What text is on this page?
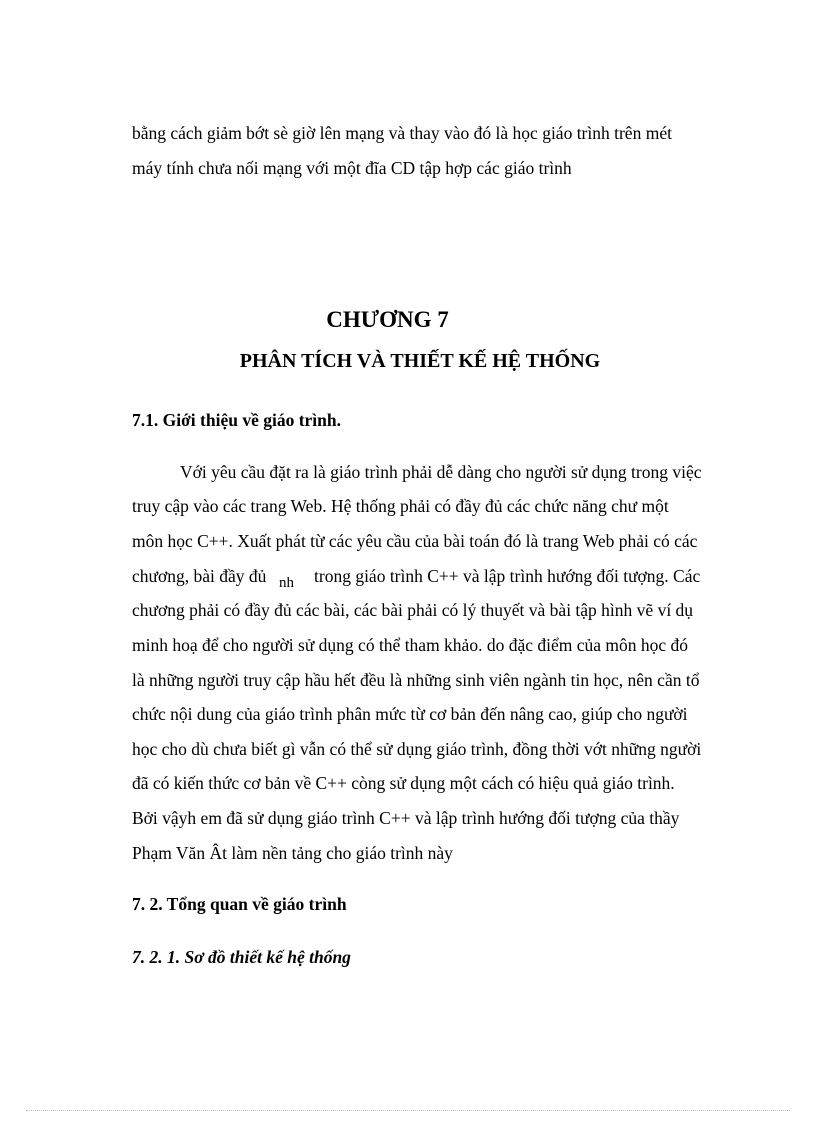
bằng cách giảm bớt sè giờ lên mạng và thay vào đó là học giáo trình trên mét
máy tính chưa nối mạng với một đĩa CD tập hợp các giáo trình
CHƯƠNG 7
PHÂN TÍCH VÀ THIẾT KẾ HỆ THỐNG
7.1. Giới thiệu về giáo trình.
Với yêu cầu đặt ra là giáo trình phải dễ dàng cho người sử dụng trong việc
truy cập vào các trang Web. Hệ thống phải có đầy đủ các chức năng chư một
môn học C++. Xuất phát từ các yêu cầu của bài toán đó là trang Web phải có các
chương, bài đầy đủ nh trong giáo trình C++ và lập trình hướng đối tượng. Các
chương phải có đầy đủ các bài, các bài phải có lý thuyết và bài tập hình vẽ ví dụ
minh hoạ để cho người sử dụng có thể tham khảo. do đặc điểm của môn học đó
là những người truy cập hầu hết đều là những sinh viên ngành tin học, nên cần tổ
chức nội dung của giáo trình phân mức từ cơ bản đến nâng cao, giúp cho người
học cho dù chưa biết gì vẫn có thể sử dụng giáo trình, đồng thời vớt những người
đã có kiến thức cơ bản về C++ còng sử dụng một cách có hiệu quả giáo trình.
Bởi vậyh em đã sử dụng giáo trình C++ và lập trình hướng đối tượng của thầy
Phạm Văn Ât làm nền tảng cho giáo trình này
7. 2. Tổng quan về giáo trình
7. 2. 1. Sơ đồ thiết kế hệ thống
